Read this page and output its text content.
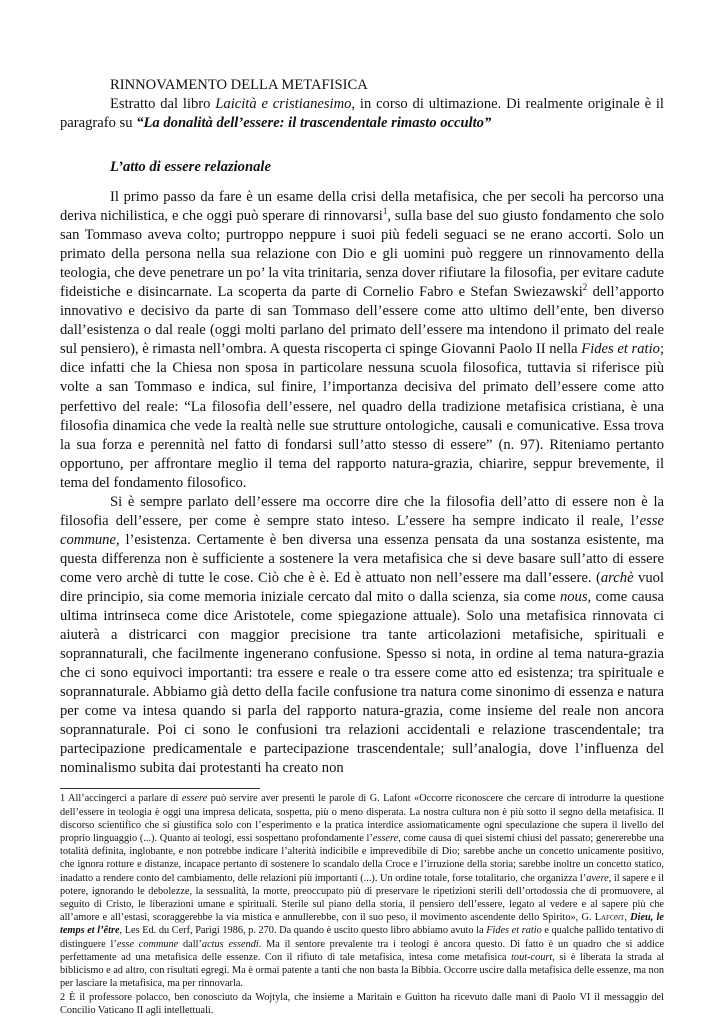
RINNOVAMENTO DELLA METAFISICA

Estratto dal libro Laicità e cristianesimo, in corso di ultimazione. Di realmente originale è il paragrafo su “La donalità dell’essere: il trascendentale rimasto occulto”

L’atto di essere relazionale

Il primo passo da fare è un esame della crisi della metafisica, che per secoli ha percorso una deriva nichilistica, e che oggi può sperare di rinnovarsi$^1$, sulla base del suo giusto fondamento che solo san Tommaso aveva colto; purtroppo neppure i suoi più fedeli seguaci se ne erano accorti. Solo un primato della persona nella sua relazione con Dio e gli uomini può reggere un rinnovamento della teologia, che deve penetrare un po’ la vita trinitaria, senza dover rifiutare la filosofia, per evitare cadute fideistiche e disincarnate. La scoperta da parte di Cornelio Fabro e Stefan Swiezawski$^2$ dell’apporto innovativo e decisivo da parte di san Tommaso dell’essere come atto ultimo dell’ente, ben diverso dall’esistenza o dal reale (oggi molti parlano del primato dell’essere ma intendono il primato del reale sul pensiero), è rimasta nell’ombra. A questa riscoperta ci spinge Giovanni Paolo II nella Fides et ratio; dice infatti che la Chiesa non sposa in particolare nessuna scuola filosofica, tuttavia si riferisce più volte a san Tommaso e indica, sul finire, l’importanza decisiva del primato dell’essere come atto perfettivo del reale: “La filosofia dell’essere, nel quadro della tradizione metafisica cristiana, è una filosofia dinamica che vede la realtà nelle sue strutture ontologiche, causali e comunicative. Essa trova la sua forza e perennità nel fatto di fondarsi sull’atto stesso di essere” (n. 97). Riteniamo pertanto opportuno, per affrontare meglio il tema del rapporto natura-grazia, chiarire, seppur brevemente, il tema del fondamento filosofico.

Si è sempre parlato dell’essere ma occorre dire che la filosofia dell’atto di essere non è la filosofia dell’essere, per come è sempre stato inteso. L’essere ha sempre indicato il reale, l’esse commune, l’esistenza. Certamente è ben diversa una essenza pensata da una sostanza esistente, ma questa differenza non è sufficiente a sostenere la vera metafisica che si deve basare sull’atto di essere come vero archè di tutte le cose. Ciò che è è. Ed è attuato non nell’essere ma dall’essere. (archè vuol dire principio, sia come memoria iniziale cercato dal mito o dalla scienza, sia come nous, come causa ultima intrinseca come dice Aristotele, come spiegazione attuale). Solo una metafisica rinnovata ci aiuterà a districarci con maggior precisione tra tante articolazioni metafisiche, spirituali e soprannaturali, che facilmente ingenerano confusione. Spesso si nota, in ordine al tema natura-grazia che ci sono equivoci importanti: tra essere e reale o tra essere come atto ed esistenza; tra spirituale e soprannaturale. Abbiamo già detto della facile confusione tra natura come sinonimo di essenza e natura per come va intesa quando si parla del rapporto natura-grazia, come insieme del reale non ancora soprannaturale. Poi ci sono le confusioni tra relazioni accidentali e relazione trascendentale; tra partecipazione predicamentale e partecipazione trascendentale; sull’analogia, dove l’influenza del nominalismo subita dai protestanti ha creato non

1 All’accingerci a parlare di essere può servire aver presenti le parole di G. Lafont «Occorre riconoscere che cercare di introdurre la questione dell’essere in teologia è oggi una impresa delicata, sospetta, più o meno disperata. La nostra cultura non è più sotto il segno della metafisica. Il discorso scientifico che si giustifica solo con l’esperimento e la pratica interdice assiomaticamente ogni speculazione che supera il livello del proprio linguaggio (...). Quanto ai teologi, essi sospettano profondamente l’essere, come causa di quei sistemi chiusi del passato; genererebbe una totalità definita, inglobante, e non potrebbe indicare l’alterità indicibile e imprevedibile di Dio; sarebbe anche un concetto unicamente positivo, che ignora rotture e distanze, incapace pertanto di sostenere lo scandalo della Croce e l’irruzione della storia; sarebbe inoltre un concetto statico, inadatto a rendere conto del cambiamento, delle relazioni più importanti (...). Un ordine totale, forse totalitario, che organizza l’avere, il sapere e il potere, ignorando le debolezze, la sessualità, la morte, preoccupato più di preservare le ripetizioni sterili dell’ortodossia che di promuovere, al seguito di Cristo, le liberazioni umane e spirituali. Sterile sul piano della storia, il pensiero dell’essere, legato al vedere e al sapere più che all’amore e all’estasi, scoraggerebbe la via mistica e annullerebbe, con il suo peso, il movimento ascendente dello Spirito», G. Lafont, Dieu, le temps et l’être, Les Ed. du Cerf, Parigi 1986, p. 270. Da quando è uscito questo libro abbiamo avuto la Fides et ratio e qualche pallido tentativo di distinguere l’esse commune dall’actus essendi. Ma il sentore prevalente tra i teologi è ancora questo. Di fatto è un quadro che si addice perfettamente ad una metafisica delle essenze. Con il rifiuto di tale metafisica, intesa come metafisica tout-court, si è liberata la strada al biblicismo e ad altro, con risultati egregi. Ma è ormai patente a tanti che non basta la Bibbia. Occorre uscire dalla metafisica delle essenze, ma non per lasciare la metafisica, ma per rinnovarla.

2 È il professore polacco, ben conosciuto da Wojtyla, che insieme a Maritain e Guitton ha ricevuto dalle mani di Paolo VI il messaggio del Concilio Vaticano II agli intellettuali.
